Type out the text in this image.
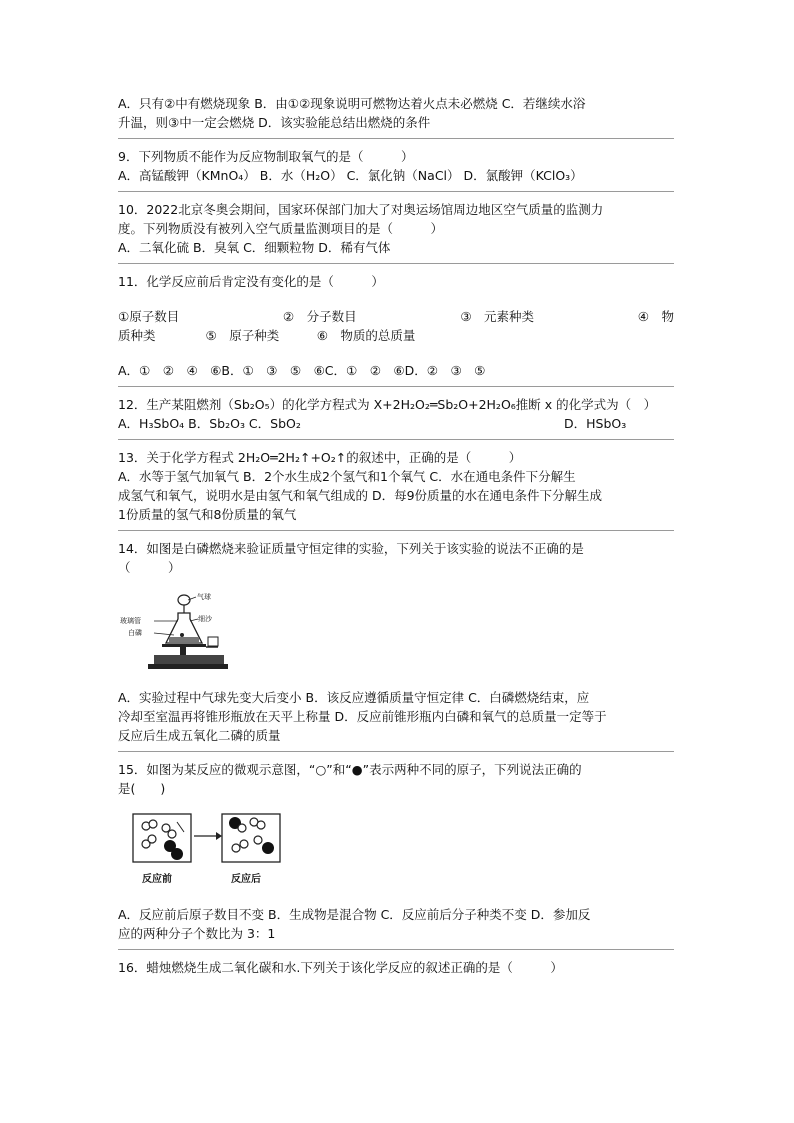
A．只有②中有燃烧现象 B．由①②现象说明可燃物达着火点未必燃烧 C．若继续水浴
升温，则③中一定会燃烧 D．该实验能总结出燃烧的条件
9．下列物质不能作为反应物制取氧气的是（　　　）
A．高锰酸钾（KMnO₄） B．水（H₂O） C．氯化钠（NaCl） D．氯酸钾（KClO₃）
10．2022北京冬奥会期间，国家环保部门加大了对奥运场馆周边地区空气质量的监测力
度。下列物质没有被列入空气质量监测项目的是（　　　）
A．二氧化硫 B．臭氧 C．细颗粒物 D．稀有气体
11．化学反应前后肯定没有变化的是（　　　）
①原子数目	②　分子数目	③　元素种类	④　物
质种类　　　　⑤　原子种类　　　⑥　物质的总质量
A．①　②　④　⑥B．①　③　⑤　⑥C．①　②　⑥D．②　③　⑤
12．生产某阻燃剂（Sb₂O₅）的化学方程式为 X+2H₂O₂═Sb₂O+2H₂O₆推断 x 的化学式为（　）
A．H₃SbO₄ B．Sb₂O₃ C．SbO₂	D．HSbO₃
13．关于化学方程式 2H₂O═2H₂↑+O₂↑的叙述中，正确的是（　　　）
A．水等于氢气加氧气 B．2个水生成2个氢气和1个氧气 C．水在通电条件下分解生
成氢气和氧气，说明水是由氢气和氧气组成的 D．每9份质量的水在通电条件下分解生成
1份质量的氢气和8份质量的氧气
14．如图是白磷燃烧来验证质量守恒定律的实验，下列关于该实验的说法不正确的是
（　　　）
气球
玻璃管	细沙
白磷
A．实验过程中气球先变大后变小 B．该反应遵循质量守恒定律 C．白磷燃烧结束，应
冷却至室温再将锥形瓶放在天平上称量 D．反应前锥形瓶内白磷和氧气的总质量一定等于
反应后生成五氧化二磷的质量
15．如图为某反应的微观示意图，“○”和“●”表示两种不同的原子，下列说法正确的
是(　　)
反应前	反应后
A．反应前后原子数目不变 B．生成物是混合物 C．反应前后分子种类不变 D．参加反
应的两种分子个数比为 3：1
16．蜡烛燃烧生成二氧化碳和水.下列关于该化学反应的叙述正确的是（　　　）
